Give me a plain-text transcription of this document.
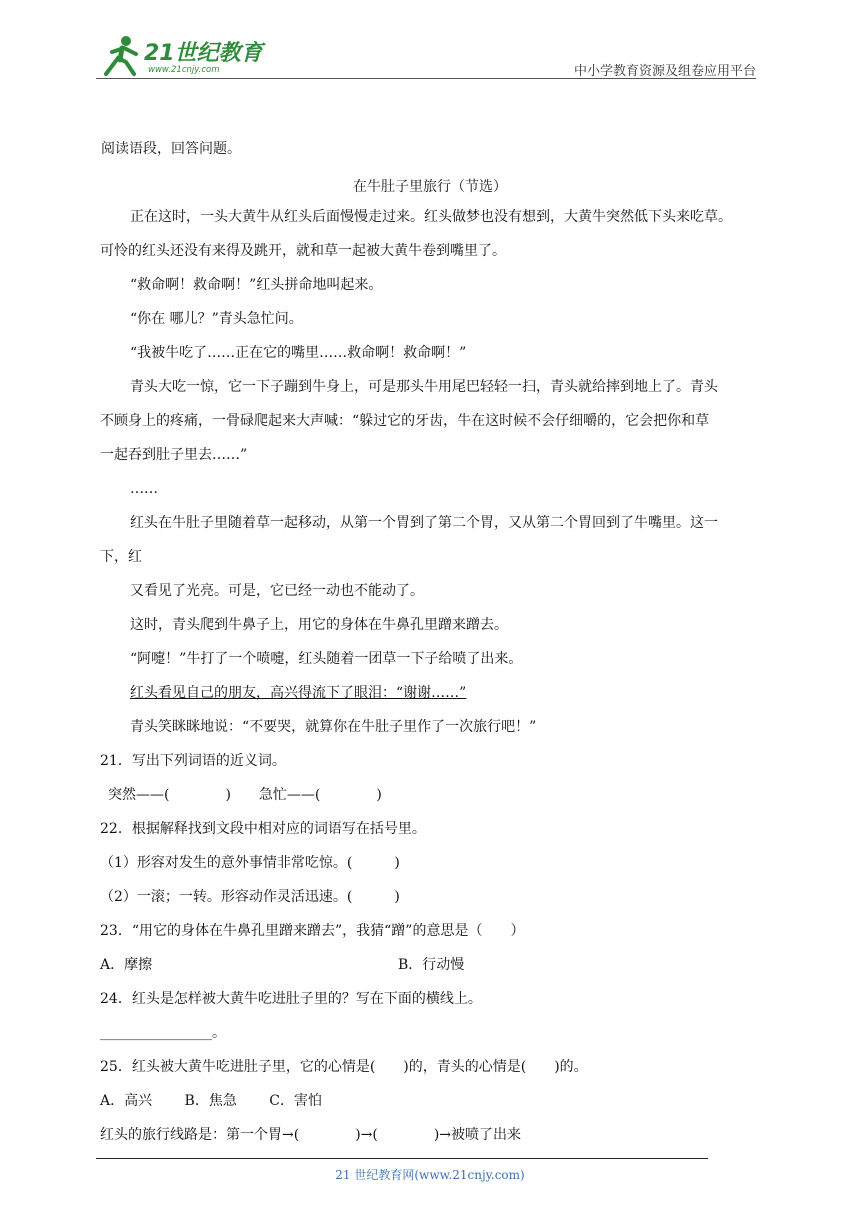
21世纪教育
www.21cnjy.com	中小学教育资源及组卷应用平台
阅读语段，回答问题。
在牛肚子里旅行（节选）
正在这时，一头大黄牛从红头后面慢慢走过来。红头做梦也没有想到，大黄牛突然低下头来吃草。
可怜的红头还没有来得及跳开，就和草一起被大黄牛卷到嘴里了。
“救命啊！救命啊！”红头拼命地叫起来。
“你在 哪儿？”青头急忙问。
“我被牛吃了……正在它的嘴里……救命啊！救命啊！”
青头大吃一惊，它一下子蹦到牛身上，可是那头牛用尾巴轻轻一扫，青头就给摔到地上了。青头
不顾身上的疼痛，一骨碌爬起来大声喊：“躲过它的牙齿，牛在这时候不会仔细嚼的，它会把你和草
一起吞到肚子里去……”
……
红头在牛肚子里随着草一起移动，从第一个胃到了第二个胃，又从第二个胃回到了牛嘴里。这一
下，红
又看见了光亮。可是，它已经一动也不能动了。
这时，青头爬到牛鼻子上，用它的身体在牛鼻孔里蹭来蹭去。
“阿嚏！”牛打了一个喷嚏，红头随着一团草一下子给喷了出来。
红头看见自己的朋友，高兴得流下了眼泪：“谢谢……”
青头笑眯眯地说：“不要哭，就算你在牛肚子里作了一次旅行吧！”
21．写出下列词语的近义词。
突然——(　　　　)　　急忙——(　　　　)
22．根据解释找到文段中相对应的词语写在括号里。
（1）形容对发生的意外事情非常吃惊。(　　　)
（2）一滚；一转。形容动作灵活迅速。(　　　)
23．“用它的身体在牛鼻孔里蹭来蹭去”，我猜“蹭”的意思是（　　）
A．摩擦	B．行动慢
24．红头是怎样被大黄牛吃进肚子里的？写在下面的横线上。
________________。
25．红头被大黄牛吃进肚子里，它的心情是(　　)的，青头的心情是(　　)的。
A．高兴　　 B．焦急　　 C．害怕
红头的旅行线路是：第一个胃→(　　　　)→(　　　　)→被喷了出来
21 世纪教育网(www.21cnjy.com)
